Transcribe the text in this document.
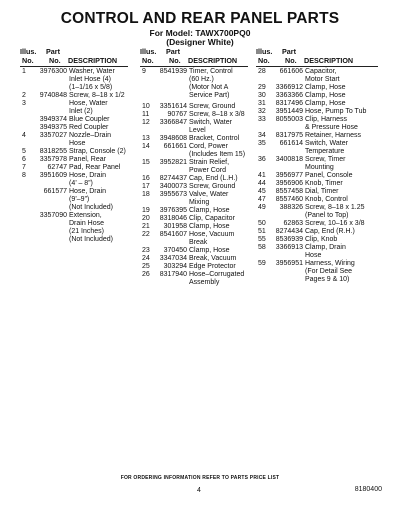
CONTROL AND REAR PANEL PARTS
For Model: TAWX700PQ0
(Designer White)
Illus.	Part
No.	No.	DESCRIPTION
1	3976300 Washer, Water
Inlet Hose (4)
(1–1/16 x 5/8)
2	9740848 Screw, 8–18 x 1/2
3	Hose, Water
Inlet (2)
3949374 Blue Coupler
3949375 Red Coupler
4	3357027 Nozzle–Drain
Hose
5	8318255 Strap, Console (2)
6	3357978 Panel, Rear
7	62747 Pad, Rear Panel
8	3951609 Hose, Drain
(4’ – 8”)
661577 Hose, Drain
(9’–9”)
(Not Included)
3357090 Extension,
Drain Hose
(21 Inches)
(Not Included)
Illus.	Part
No.	No.	DESCRIPTION
9	8541939 Timer, Control
(60 Hz.)
(Motor Not A
Service Part)
10	3351614 Screw, Ground
11	90767 Screw, 8–18 x 3/8
12	3366847 Switch, Water Level
13	3948608 Bracket, Control
14	661661 Cord, Power
(Includes Item 15)
15	3952821 Strain Relief,
Power Cord
16	8274437 Cap, End (L.H.)
17	3400073 Screw, Ground
18	3955673 Valve, Water
Mixing
19	3976395 Clamp, Hose
20	8318046 Clip, Capacitor
21	301958 Clamp, Hose
22	8541607 Hose, Vacuum
Break
23	370450 Clamp, Hose
24	3347034 Break, Vacuum
25	303294 Edge Protector
26	8317940 Hose–Corrugated
Assembly
Illus.	Part
No.	No.	DESCRIPTION
28	661606 Capacitor,
Motor Start
29	3366912 Clamp, Hose
30	3363366 Clamp, Hose
31	8317496 Clamp, Hose
32	3951449 Hose, Pump To Tub
33	8055003 Clip, Harness
& Pressure Hose
34	8317975 Retainer, Harness
35	661614 Switch, Water
Temperature
36	3400818 Screw, Timer
Mounting
41	3956977 Panel, Console
44	3956906 Knob, Timer
45	8557458 Dial, Timer
47	8557460 Knob, Control
49	388326 Screw, 8–18 x 1.25
(Panel to Top)
50	62863 Screw, 10–16 x 3/8
51	8274434 Cap, End (R.H.)
55	8536939 Clip, Knob
58	3366913 Clamp, Drain
Hose
59	3956951 Harness, Wiring
(For Detail See
Pages 9 & 10)
FOR ORDERING INFORMATION REFER TO PARTS PRICE LIST
4	8180400
